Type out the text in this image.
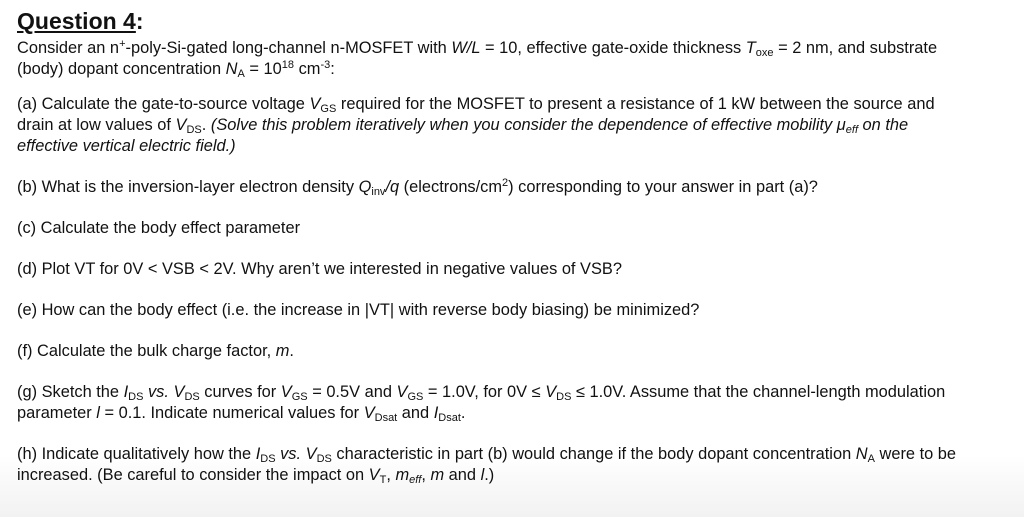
Question 4:
Consider an n+-poly-Si-gated long-channel n-MOSFET with W/L = 10, effective gate-oxide thickness $T_{oxe} = 2$ nm, and substrate
(body) dopant concentration $N_A = 10^{18}$ $cm^{-3}$:
(a) Calculate the gate-to-source voltage $V_{GS}$ required for the MOSFET to present a resistance of 1 kW between the source and
drain at low values of $V_{DS}$. (Solve this problem iteratively when you consider the dependence of effective mobility $\mu_{eff}$ on the
effective vertical electric field.)
(b) What is the inversion-layer electron density $Q_{inv}/q$ $(electrons/cm^2)$ corresponding to your answer in part (a)?
(c) Calculate the body effect parameter
(d) Plot VT for 0V < VSB < 2V. Why aren’t we interested in negative values of VSB?
(e) How can the body effect (i.e. the increase in |VT| with reverse body biasing) be minimized?
(f) Calculate the bulk charge factor, m.
(g) Sketch the $I_{DS}$ vs. $V_{DS}$ curves for $V_{GS} = 0.5V$ and $V_{GS} = 1.0V$, for $0V \le V_{DS} \le 1.0V$. Assume that the channel-length modulation
parameter l = 0.1. Indicate numerical values for $V_{Dsat}$ and $I_{Dsat}$.
(h) Indicate qualitatively how the $I_{DS}$ vs. $V_{DS}$ characteristic in part (b) would change if the body dopant concentration $N_A$ were to be
increased. (Be careful to consider the impact on $V_T$, $m_{eff}$, m and l.)
